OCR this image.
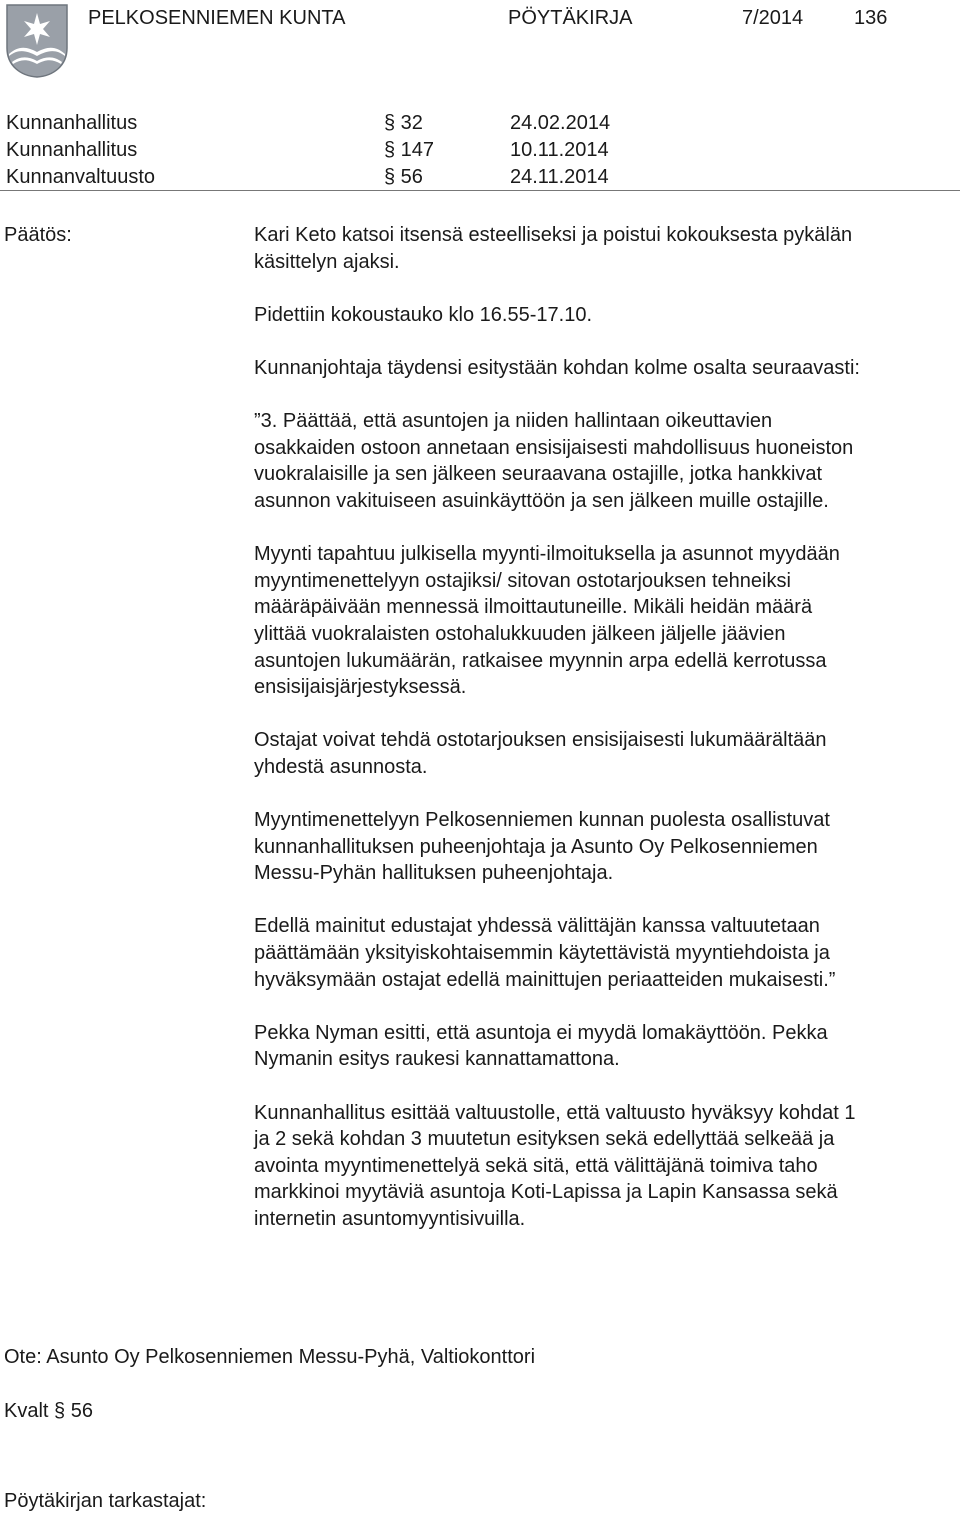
PELKOSENNIEMEN KUNTA	PÖYTÄKIRJA	7/2014	136
Kunnanhallitus	§ 32	24.02.2014
Kunnanhallitus	§ 147	10.11.2014
Kunnanvaltuusto	§ 56	24.11.2014
Päätös:	Kari Keto katsoi itsensä esteelliseksi ja poistui kokouksesta pykälän
käsittelyn ajaksi.

Pidettiin kokoustauko klo 16.55-17.10.

Kunnanjohtaja täydensi esitystään kohdan kolme osalta seuraavasti:

”3. Päättää, että asuntojen ja niiden hallintaan oikeuttavien
osakkaiden ostoon annetaan ensisijaisesti mahdollisuus huoneiston
vuokralaisille ja sen jälkeen seuraavana ostajille, jotka hankkivat
asunnon vakituiseen asuinkäyttöön ja sen jälkeen muille ostajille.

Myynti tapahtuu julkisella myynti-ilmoituksella ja asunnot myydään
myyntimenettelyyn ostajiksi/ sitovan ostotarjouksen tehneiksi
määräpäivään mennessä ilmoittautuneille. Mikäli heidän määrä
ylittää vuokralaisten ostohalukkuuden jälkeen jäljelle jäävien
asuntojen lukumäärän, ratkaisee myynnin arpa edellä kerrotussa
ensisijaisjärjestyksessä.

Ostajat voivat tehdä ostotarjouksen ensisijaisesti lukumäärältään
yhdestä asunnosta.

Myyntimenettelyyn Pelkosenniemen kunnan puolesta osallistuvat
kunnanhallituksen puheenjohtaja ja Asunto Oy Pelkosenniemen
Messu-Pyhän hallituksen puheenjohtaja.

Edellä mainitut edustajat yhdessä välittäjän kanssa valtuutetaan
päättämään yksityiskohtaisemmin käytettävistä myyntiehdoista ja
hyväksymään ostajat edellä mainittujen periaatteiden mukaisesti.”

Pekka Nyman esitti, että asuntoja ei myydä lomakäyttöön. Pekka
Nymanin esitys raukesi kannattamattona.

Kunnanhallitus esittää valtuustolle, että valtuusto hyväksyy kohdat 1
ja 2 sekä kohdan 3 muutetun esityksen sekä edellyttää selkeää ja
avointa myyntimenettelyä sekä sitä, että välittäjänä toimiva taho
markkinoi myytäviä asuntoja Koti-Lapissa ja Lapin Kansassa sekä
internetin asuntomyyntisivuilla.

Ote: Asunto Oy Pelkosenniemen Messu-Pyhä, Valtiokonttori
Kvalt § 56
Pöytäkirjan tarkastajat:
